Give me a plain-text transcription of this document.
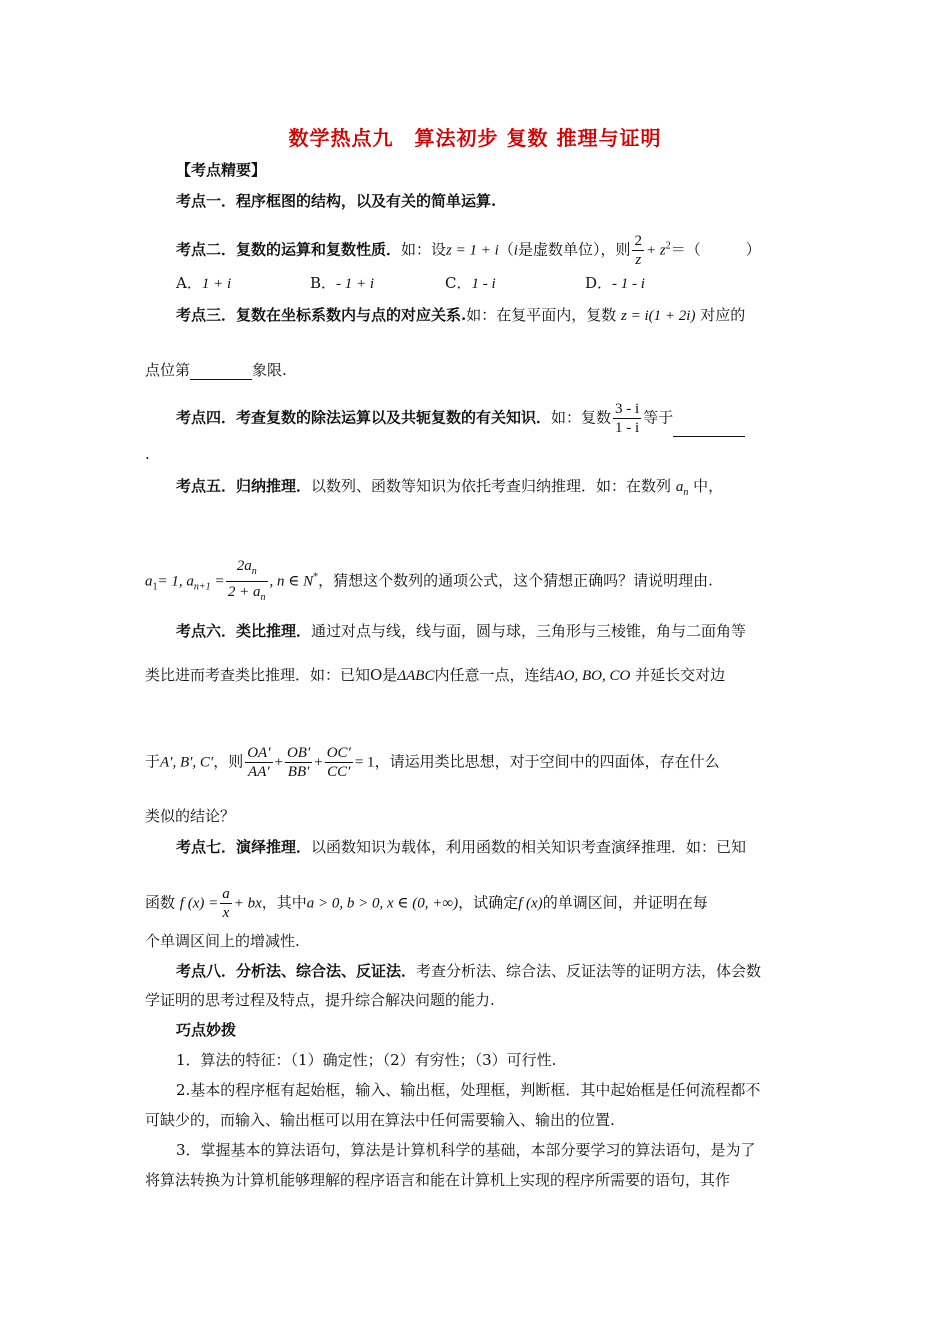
数学热点九　算法初步 复数 推理与证明
【考点精要】
考点一．程序框图的结构，以及有关的简单运算.
考点二．复数的运算和复数性质．如：设z = 1 + i（i是虚数单位），则 $\frac{2}{z} + z^2=$（　　　）
A．1 + i	B．- 1 + i	C．1 - i	D．- 1 - i
考点三．复数在坐标系数内与点的对应关系.如：在复平面内，复数 z = i(1 + 2i) 对应的
点位第	象限.
考点四．考查复数的除法运算以及共轭复数的有关知识．如：复数 $\frac{3 - i}{1 - i}$ 等于
.
考点五．归纳推理．以数列、函数等知识为依托考查归纳推理．如：在数列 $a_n$ 中，
$a_1= 1$, $a_{n+1} = \frac{2a_n}{2 + a_n}$ , n ∈ N*，猜想这个数列的通项公式，这个猜想正确吗？请说明理由.
考点六．类比推理．通过对点与线，线与面，圆与球，三角形与三棱锥，角与二面角等
类比进而考查类比推理．如：已知O是ΔABC内任意一点，连结AO, BO, CO 并延长交对边
于A′, B′, C′，则 $\frac{OA'}{AA'} + \frac{OB'}{BB'} + \frac{OC'}{CC'} = 1$，请运用类比思想，对于空间中的四面体，存在什么
类似的结论？
考点七．演绎推理．以函数知识为载体，利用函数的相关知识考查演绎推理．如：已知
函数 f $(x) = \frac{a}{x}$ + bx，其中a > 0, b > 0, x ∈ (0, +∞)，试确定f (x)的单调区间，并证明在每
个单调区间上的增减性.
考点八．分析法、综合法、反证法．考查分析法、综合法、反证法等的证明方法，体会数
学证明的思考过程及特点，提升综合解决问题的能力.
巧点妙拨
1．算法的特征：（1）确定性；（2）有穷性；（3）可行性.
2.基本的程序框有起始框，输入、输出框，处理框，判断框．其中起始框是任何流程都不
可缺少的，而输入、输出框可以用在算法中任何需要输入、输出的位置.
3．掌握基本的算法语句，算法是计算机科学的基础，本部分要学习的算法语句，是为了
将算法转换为计算机能够理解的程序语言和能在计算机上实现的程序所需要的语句，其作
